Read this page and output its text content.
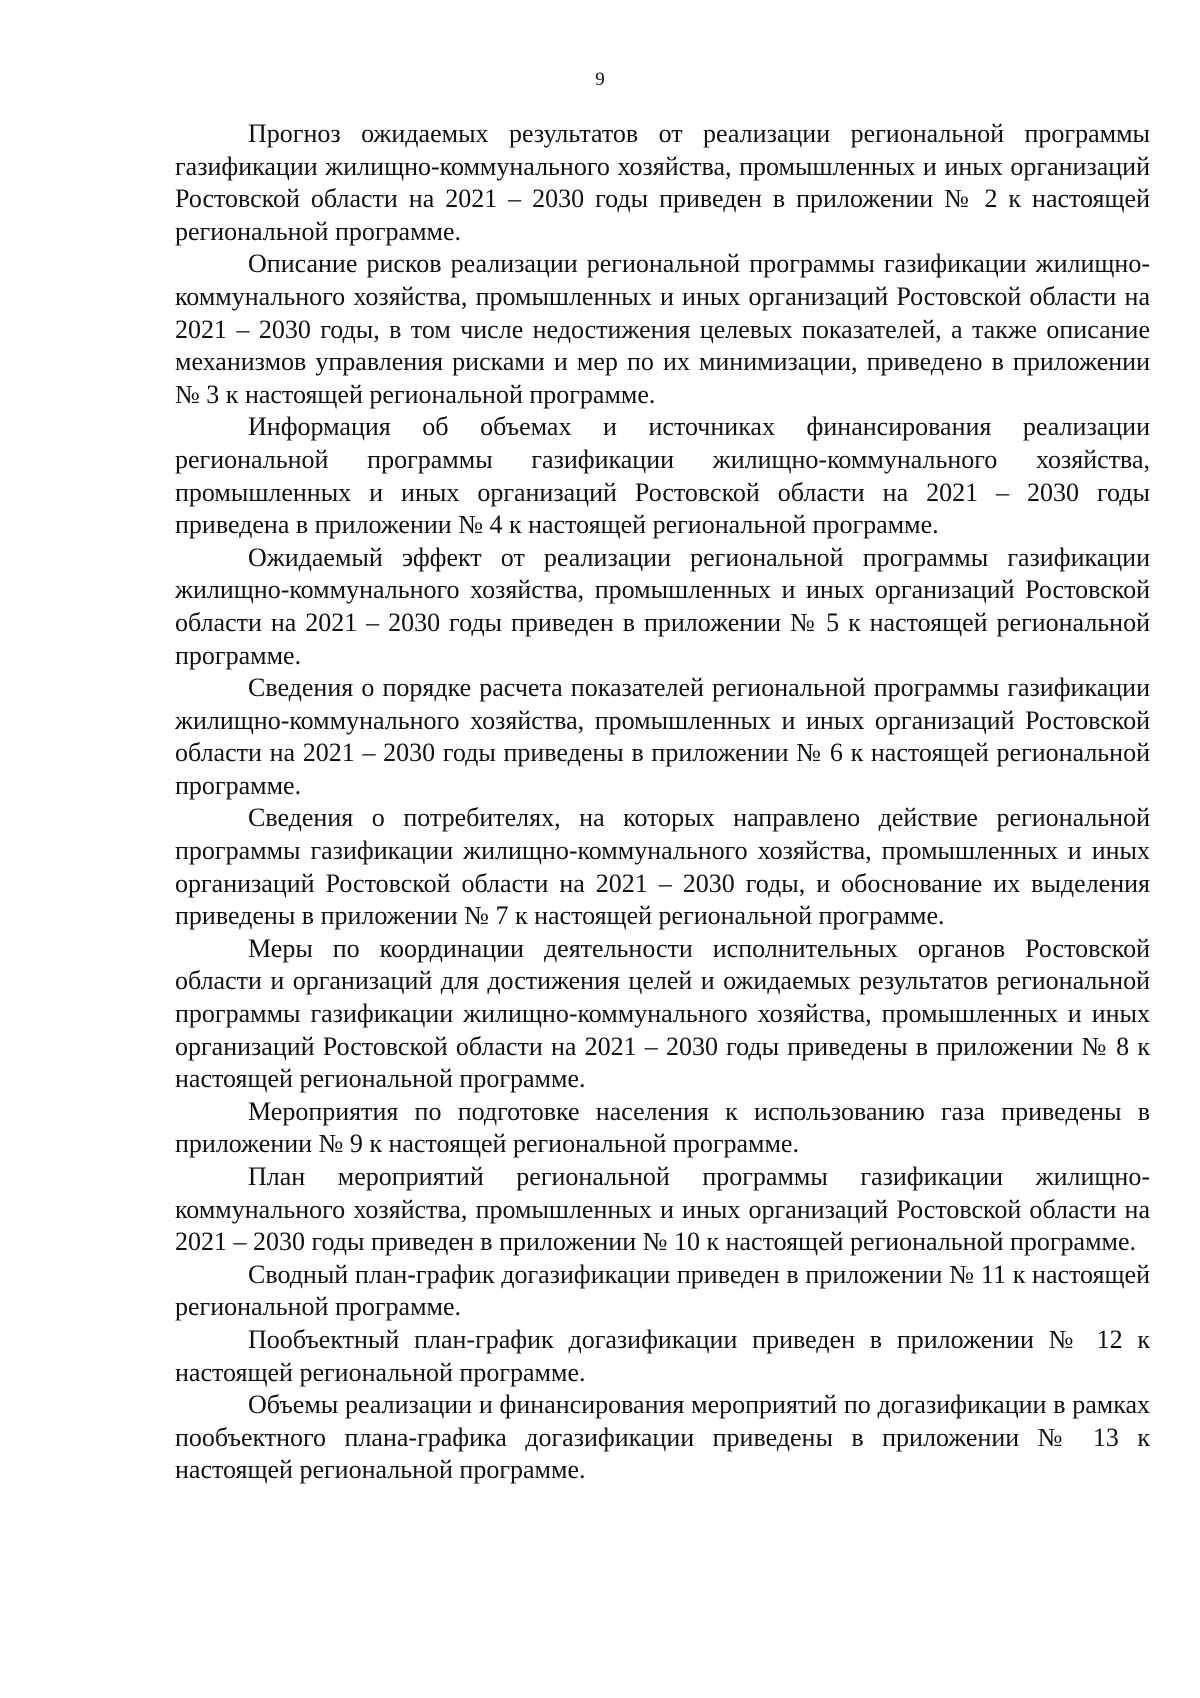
9

Прогноз ожидаемых результатов от реализации региональной программы газификации жилищно-коммунального хозяйства, промышленных и иных организаций Ростовской области на 2021 – 2030 годы приведен в приложении № 2 к настоящей региональной программе.

Описание рисков реализации региональной программы газификации жилищно-коммунального хозяйства, промышленных и иных организаций Ростовской области на 2021 – 2030 годы, в том числе недостижения целевых показателей, а также описание механизмов управления рисками и мер по их минимизации, приведено в приложении № 3 к настоящей региональной программе.

Информация об объемах и источниках финансирования реализации региональной программы газификации жилищно-коммунального хозяйства, промышленных и иных организаций Ростовской области на 2021 – 2030 годы приведена в приложении № 4 к настоящей региональной программе.

Ожидаемый эффект от реализации региональной программы газификации жилищно-коммунального хозяйства, промышленных и иных организаций Ростовской области на 2021 – 2030 годы приведен в приложении № 5 к настоящей региональной программе.

Сведения о порядке расчета показателей региональной программы газификации жилищно-коммунального хозяйства, промышленных и иных организаций Ростовской области на 2021 – 2030 годы приведены в приложении № 6 к настоящей региональной программе.

Сведения о потребителях, на которых направлено действие региональной программы газификации жилищно-коммунального хозяйства, промышленных и иных организаций Ростовской области на 2021 – 2030 годы, и обоснование их выделения приведены в приложении № 7 к настоящей региональной программе.

Меры по координации деятельности исполнительных органов Ростовской области и организаций для достижения целей и ожидаемых результатов региональной программы газификации жилищно-коммунального хозяйства, промышленных и иных организаций Ростовской области на 2021 – 2030 годы приведены в приложении № 8 к настоящей региональной программе.

Мероприятия по подготовке населения к использованию газа приведены в приложении № 9 к настоящей региональной программе.

План мероприятий региональной программы газификации жилищно-коммунального хозяйства, промышленных и иных организаций Ростовской области на 2021 – 2030 годы приведен в приложении № 10 к настоящей региональной программе.

Сводный план-график догазификации приведен в приложении № 11 к настоящей региональной программе.

Пообъектный план-график догазификации приведен в приложении № 12 к настоящей региональной программе.

Объемы реализации и финансирования мероприятий по догазификации в рамках пообъектного плана-графика догазификации приведены в приложении № 13 к настоящей региональной программе.
